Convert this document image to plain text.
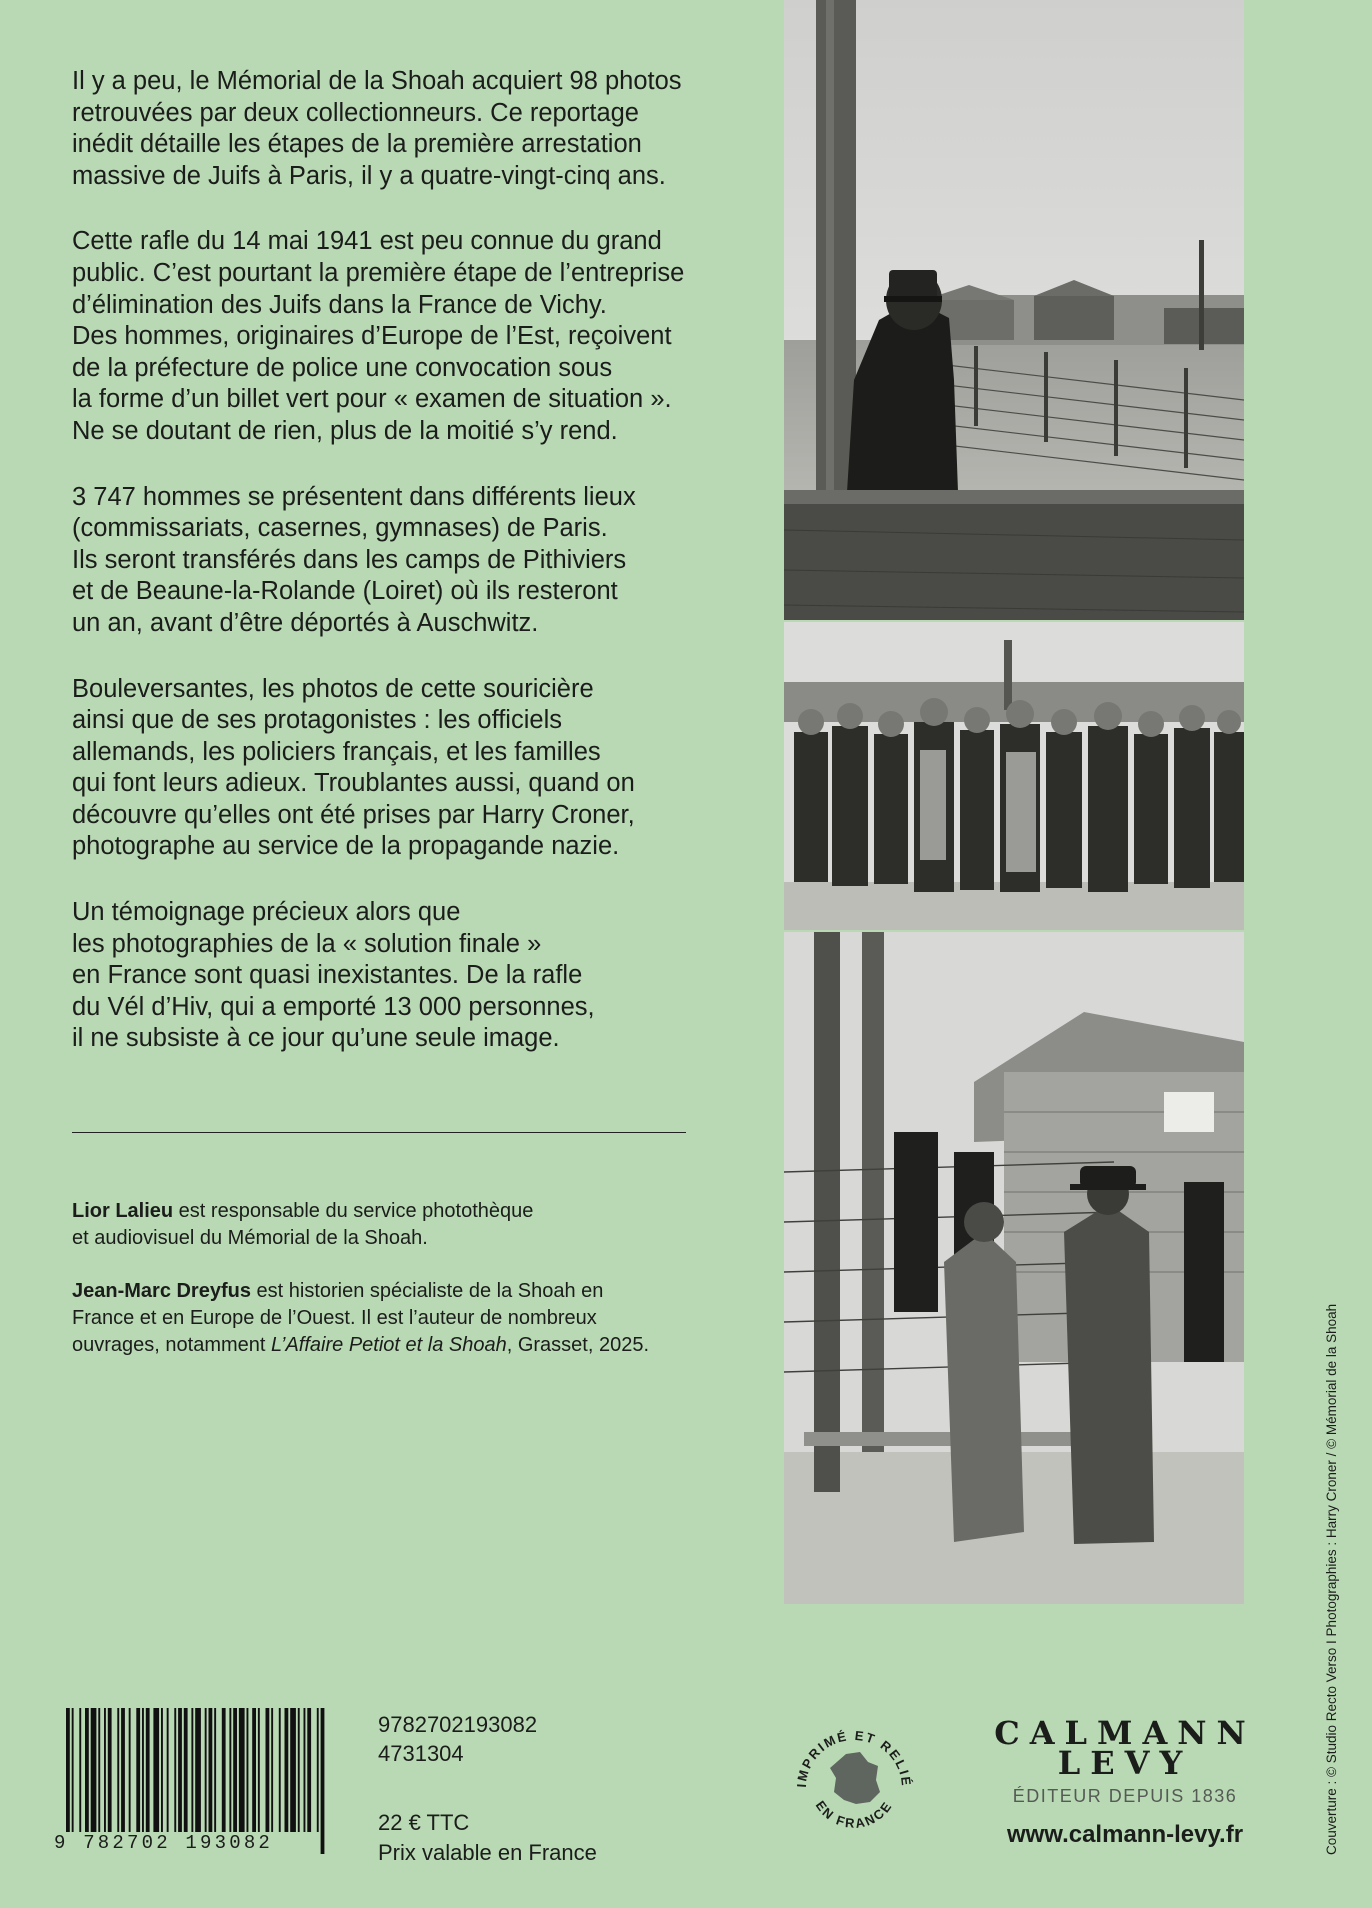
Il y a peu, le Mémorial de la Shoah acquiert 98 photos
retrouvées par deux collectionneurs. Ce reportage
inédit détaille les étapes de la première arrestation
massive de Juifs à Paris, il y a quatre-vingt-cinq ans.

Cette rafle du 14 mai 1941 est peu connue du grand
public. C’est pourtant la première étape de l’entreprise
d’élimination des Juifs dans la France de Vichy.
Des hommes, originaires d’Europe de l’Est, reçoivent
de la préfecture de police une convocation sous
la forme d’un billet vert pour « examen de situation ».
Ne se doutant de rien, plus de la moitié s’y rend.

3 747 hommes se présentent dans différents lieux
(commissariats, casernes, gymnases) de Paris.
Ils seront transférés dans les camps de Pithiviers
et de Beaune-la-Rolande (Loiret) où ils resteront
un an, avant d’être déportés à Auschwitz.

Bouleversantes, les photos de cette souricière
ainsi que de ses protagonistes : les officiels
allemands, les policiers français, et les familles
qui font leurs adieux. Troublantes aussi, quand on
découvre qu’elles ont été prises par Harry Croner,
photographe au service de la propagande nazie.

Un témoignage précieux alors que
les photographies de la « solution finale »
en France sont quasi inexistantes. De la rafle
du Vél d’Hiv, qui a emporté 13 000 personnes,
il ne subsiste à ce jour qu’une seule image.

Lior Lalieu est responsable du service photothèque
et audiovisuel du Mémorial de la Shoah.
Jean-Marc Dreyfus est historien spécialiste de la Shoah en
France et en Europe de l’Ouest. Il est l’auteur de nombreux
ouvrages, notamment L’Affaire Petiot et la Shoah, Grasset, 2025.
9 782702 193082
9782702193082
4731304
22 € TTC
Prix valable en France
IMPRIMÉ ET RELIÉ
EN FRANCE
CALMANN
LEVY
ÉDITEUR DEPUIS 1836
www.calmann-levy.fr	Couverture : © Studio Recto Verso I Photographies : Harry Croner / © Mémorial de la Shoah
